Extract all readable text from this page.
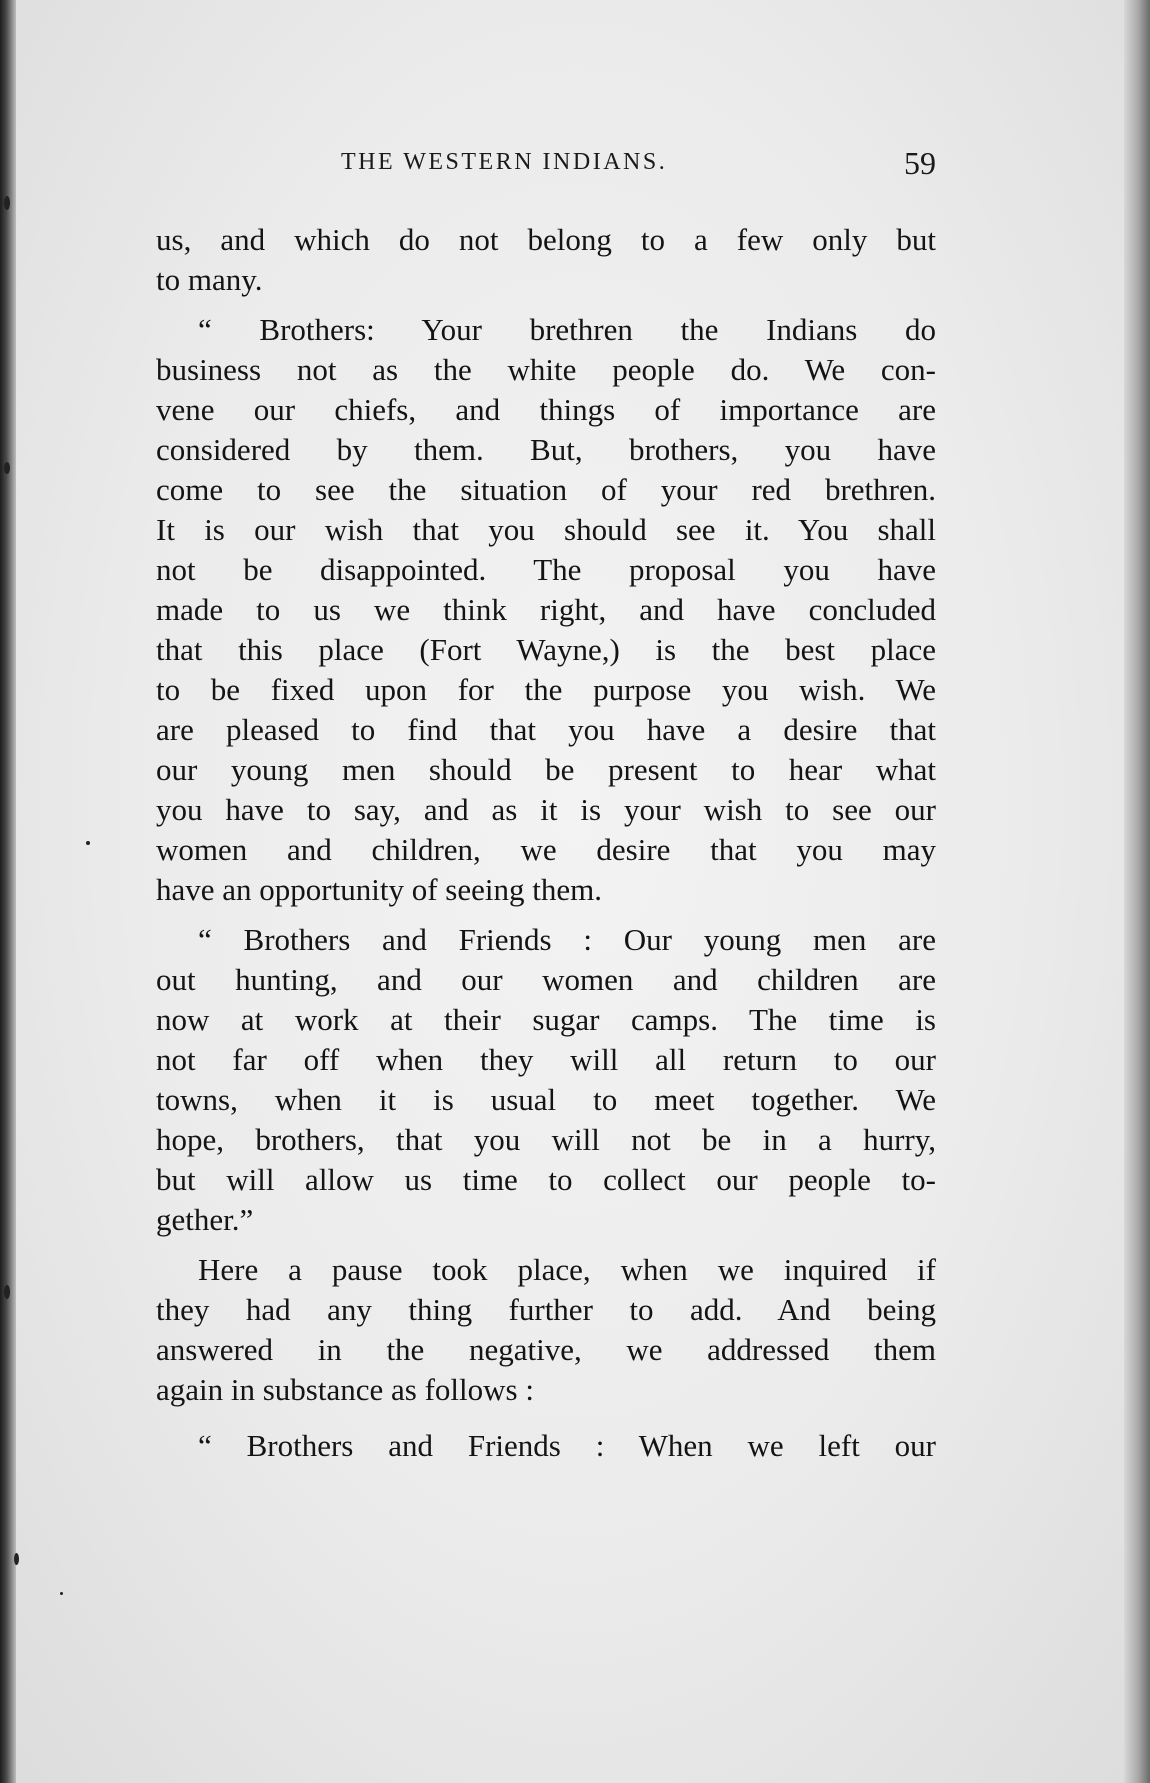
THE WESTERN INDIANS.	59
us, and which do not belong to a few only but
to many.
“ Brothers: Your brethren the Indians do
business not as the white people do. We con-
vene our chiefs, and things of importance are
considered by them. But, brothers, you have
come to see the situation of your red brethren.
It is our wish that you should see it. You shall
not be disappointed. The proposal you have
made to us we think right, and have concluded
that this place (Fort Wayne,) is the best place
to be fixed upon for the purpose you wish. We
are pleased to find that you have a desire that
our young men should be present to hear what
you have to say, and as it is your wish to see our
women and children, we desire that you may
have an opportunity of seeing them.
“ Brothers and Friends : Our young men are
out hunting, and our women and children are
now at work at their sugar camps. The time is
not far off when they will all return to our
towns, when it is usual to meet together. We
hope, brothers, that you will not be in a hurry,
but will allow us time to collect our people to-
gether.”
Here a pause took place, when we inquired if
they had any thing further to add. And being
answered in the negative, we addressed them
again in substance as follows :
“ Brothers and Friends : When we left our
